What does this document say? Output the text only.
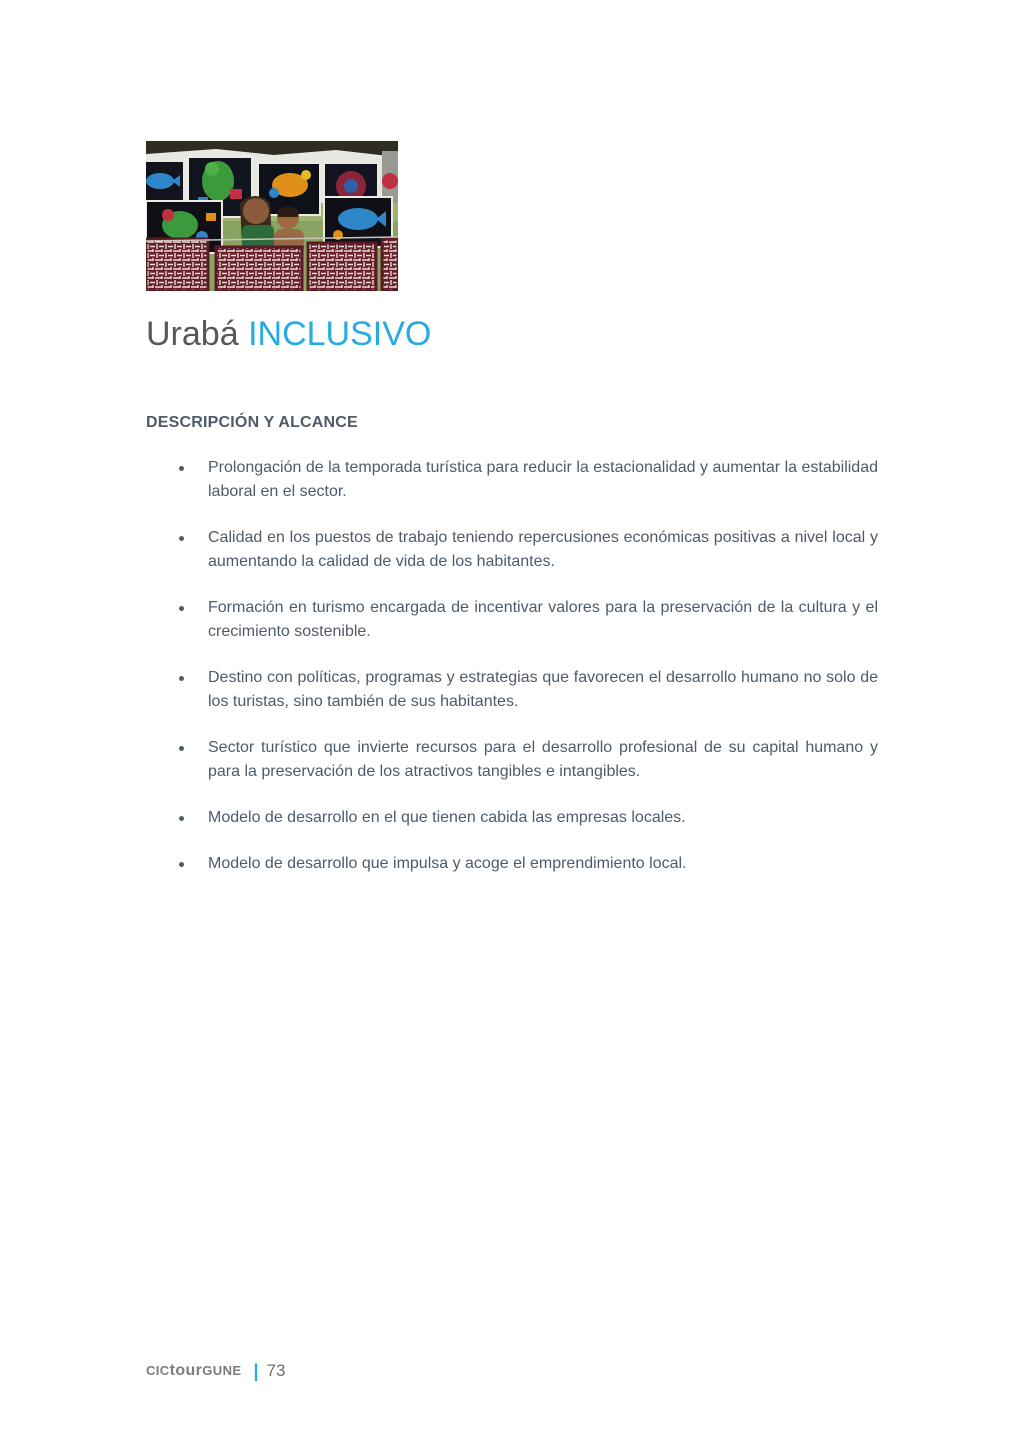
Urabá INCLUSIVO
DESCRIPCIÓN Y ALCANCE
Prolongación de la temporada turística para reducir la estacionalidad y aumentar la estabilidad laboral en el sector.
Calidad en los puestos de trabajo teniendo repercusiones económicas positivas a nivel local y aumentando la calidad de vida de los habitantes.
Formación en turismo encargada de incentivar valores para la preservación de la cultura y el crecimiento sostenible.
Destino con políticas, programas y estrategias que favorecen el desarrollo humano no solo de los turistas, sino también de sus habitantes.
Sector turístico que invierte recursos para el desarrollo profesional de su capital humano y para la preservación de los atractivos tangibles e intangibles.
Modelo de desarrollo en el que tienen cabida las empresas locales.
Modelo de desarrollo que impulsa y acoge el emprendimiento local.
CICtourGUNE | 73
